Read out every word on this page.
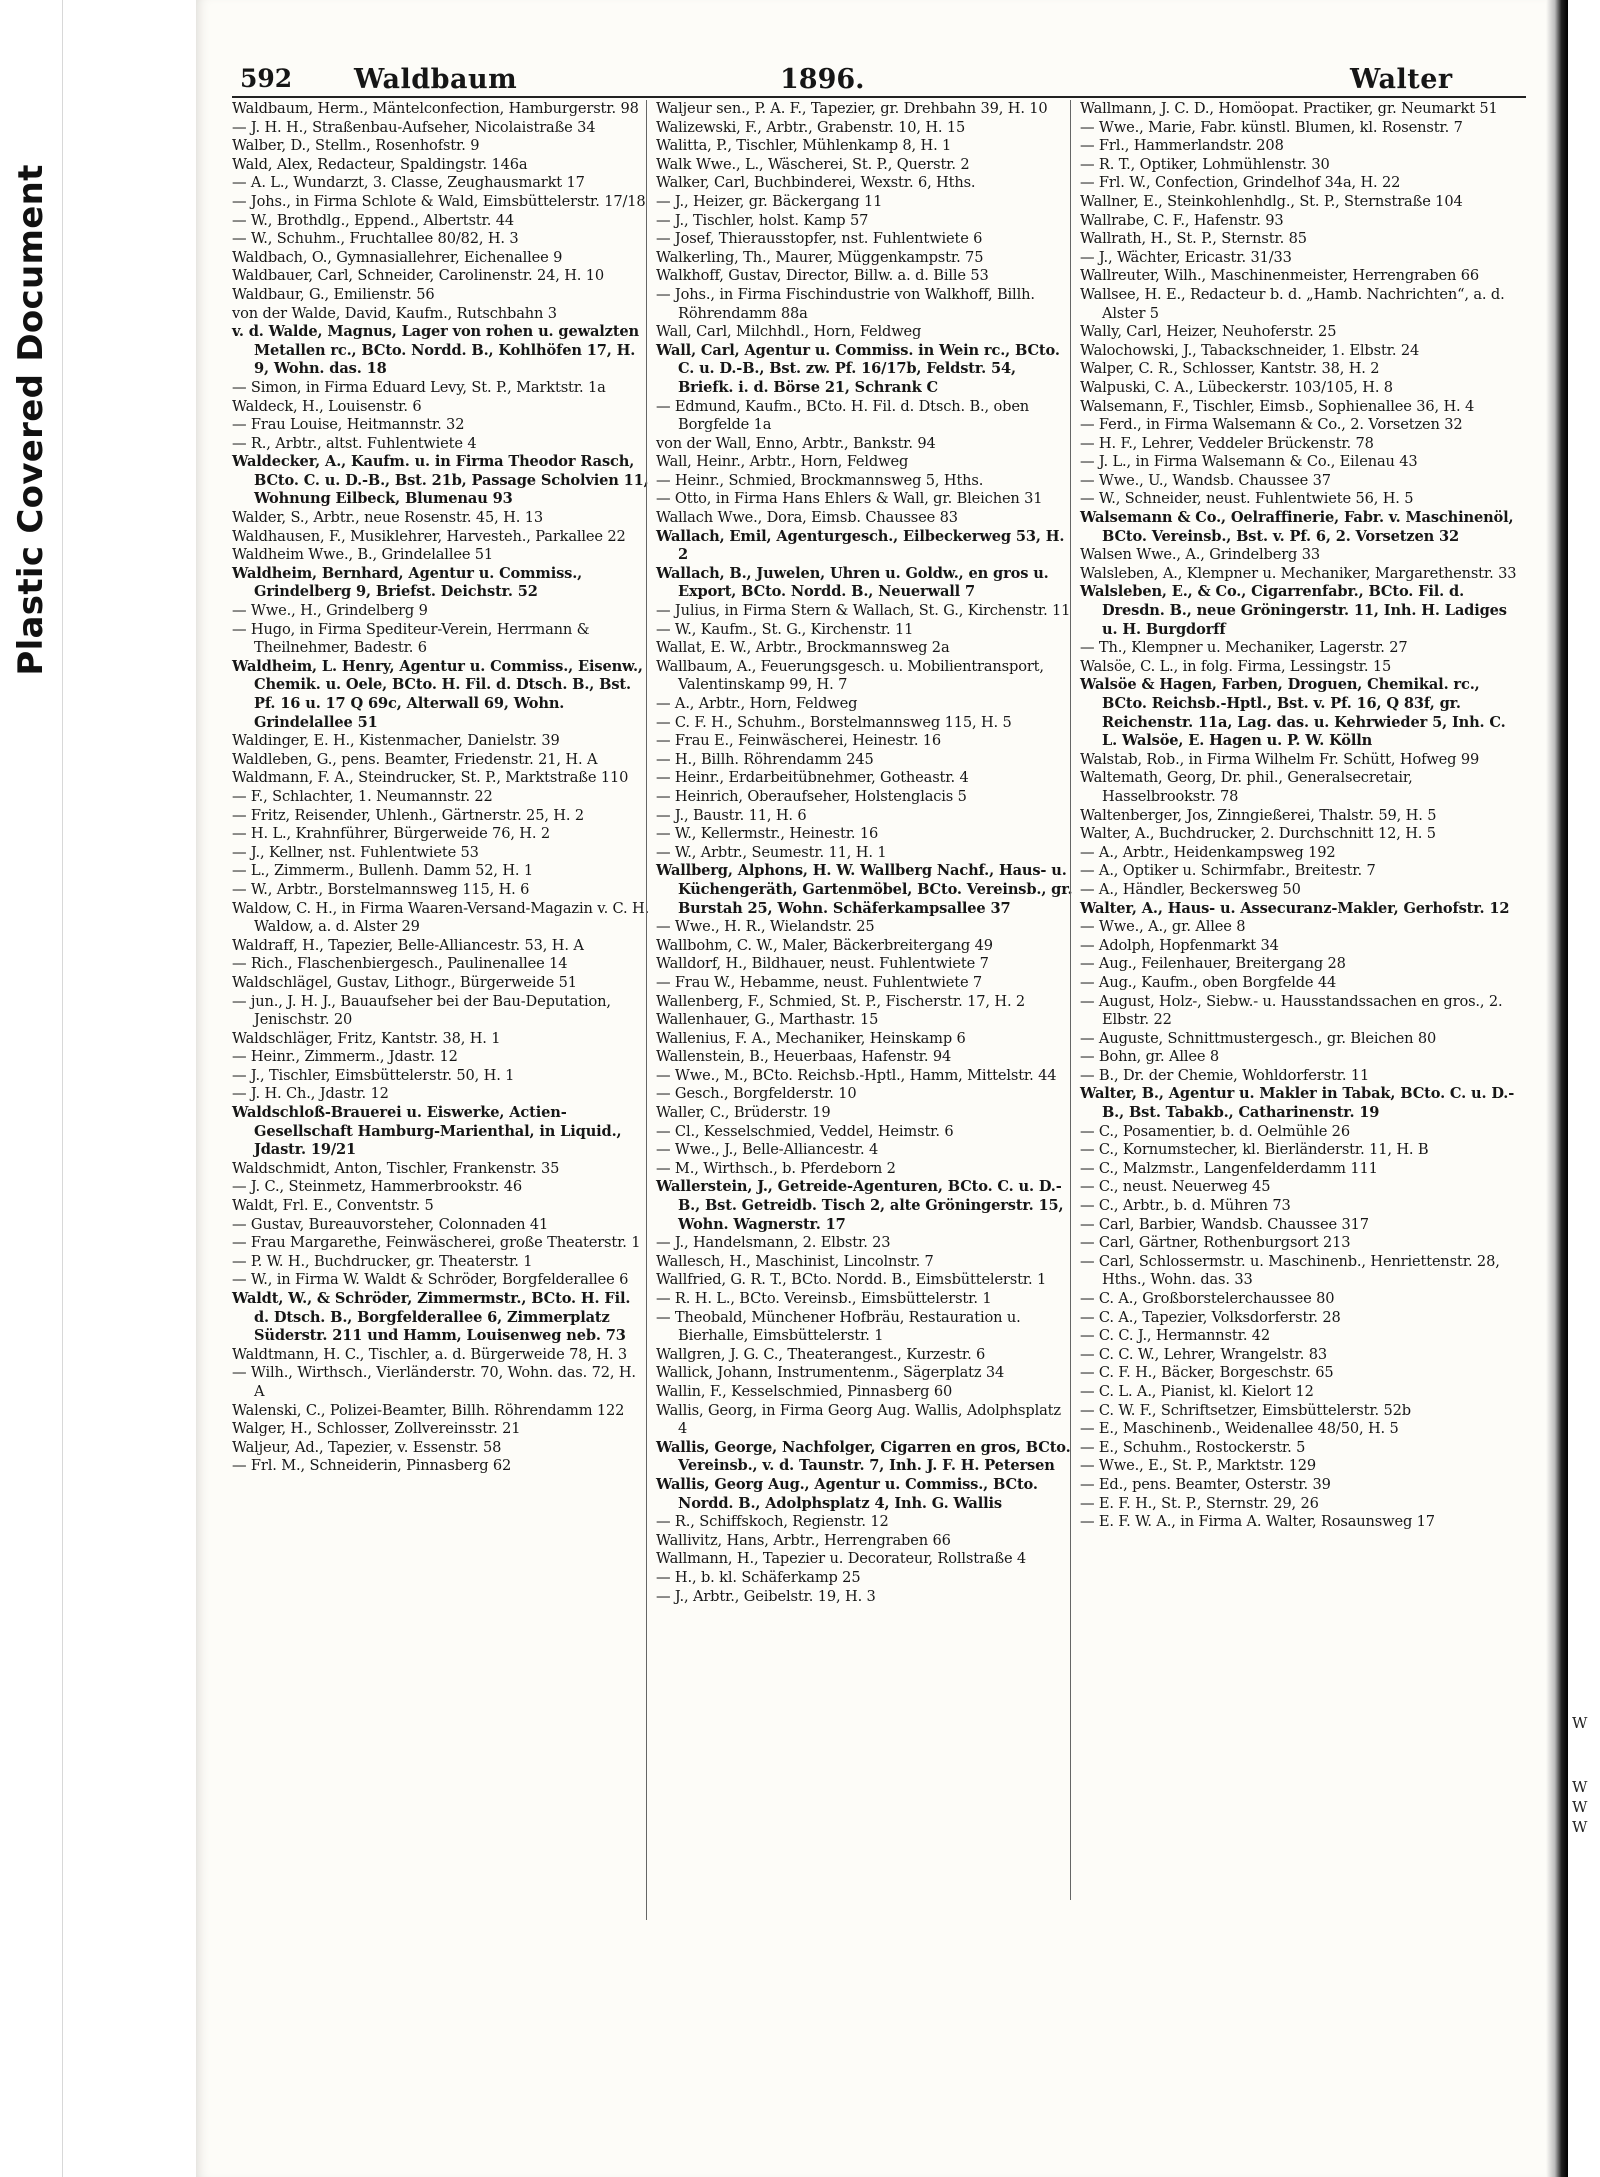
Plastic Covered Document
W
W
W
W
592 Waldbaum	1896.	Walter

Waldbaum, Herm., Mäntelconfection, Hamburgerstr. 98

— J. H. H., Straßenbau-Aufseher, Nicolaistraße 34

Walber, D., Stellm., Rosenhofstr. 9

Wald, Alex, Redacteur, Spaldingstr. 146a

— A. L., Wundarzt, 3. Classe, Zeughausmarkt 17

— Johs., in Firma Schlote & Wald, Eimsbüttelerstr. 17/18

— W., Brothdlg., Eppend., Albertstr. 44

— W., Schuhm., Fruchtallee 80/82, H. 3

Waldbach, O., Gymnasiallehrer, Eichenallee 9

Waldbauer, Carl, Schneider, Carolinenstr. 24, H. 10

Waldbaur, G., Emilienstr. 56

von der Walde, David, Kaufm., Rutschbahn 3

v. d. Walde, Magnus, Lager von rohen u. gewalzten Metallen rc., BCto. Nordd. B., Kohlhöfen 17, H. 9, Wohn. das. 18

— Simon, in Firma Eduard Levy, St. P., Marktstr. 1a

Waldeck, H., Louisenstr. 6

— Frau Louise, Heitmannstr. 32

— R., Arbtr., altst. Fuhlentwiete 4

Waldecker, A., Kaufm. u. in Firma Theodor Rasch, BCto. C. u. D.-B., Bst. 21b, Passage Scholvien 11, Wohnung Eilbeck, Blumenau 93

Walder, S., Arbtr., neue Rosenstr. 45, H. 13

Waldhausen, F., Musiklehrer, Harvesteh., Parkallee 22

Waldheim Wwe., B., Grindelallee 51

Waldheim, Bernhard, Agentur u. Commiss., Grindelberg 9, Briefst. Deichstr. 52

— Wwe., H., Grindelberg 9

— Hugo, in Firma Spediteur-Verein, Herrmann & Theilnehmer, Badestr. 6

Waldheim, L. Henry, Agentur u. Commiss., Eisenw., Chemik. u. Oele, BCto. H. Fil. d. Dtsch. B., Bst. Pf. 16 u. 17 Q 69c, Alterwall 69, Wohn. Grindelallee 51

Waldinger, E. H., Kistenmacher, Danielstr. 39

Waldleben, G., pens. Beamter, Friedenstr. 21, H. A

Waldmann, F. A., Steindrucker, St. P., Marktstraße 110

— F., Schlachter, 1. Neumannstr. 22

— Fritz, Reisender, Uhlenh., Gärtnerstr. 25, H. 2

— H. L., Krahnführer, Bürgerweide 76, H. 2

— J., Kellner, nst. Fuhlentwiete 53

— L., Zimmerm., Bullenh. Damm 52, H. 1

— W., Arbtr., Borstelmannsweg 115, H. 6

Waldow, C. H., in Firma Waaren-Versand-Magazin v. C. H. Waldow, a. d. Alster 29

Waldraff, H., Tapezier, Belle-Alliancestr. 53, H. A

— Rich., Flaschenbiergesch., Paulinenallee 14

Waldschlägel, Gustav, Lithogr., Bürgerweide 51

— jun., J. H. J., Bauaufseher bei der Bau-Deputation, Jenischstr. 20

Waldschläger, Fritz, Kantstr. 38, H. 1

— Heinr., Zimmerm., Jdastr. 12

— J., Tischler, Eimsbüttelerstr. 50, H. 1

— J. H. Ch., Jdastr. 12

Waldschloß-Brauerei u. Eiswerke, Actien-Gesellschaft Hamburg-Marienthal, in Liquid., Jdastr. 19/21

Waldschmidt, Anton, Tischler, Frankenstr. 35

— J. C., Steinmetz, Hammerbrookstr. 46

Waldt, Frl. E., Conventstr. 5

— Gustav, Bureauvorsteher, Colonnaden 41

— Frau Margarethe, Feinwäscherei, große Theaterstr. 1

— P. W. H., Buchdrucker, gr. Theaterstr. 1

— W., in Firma W. Waldt & Schröder, Borgfelderallee 6

Waldt, W., & Schröder, Zimmermstr., BCto. H. Fil. d. Dtsch. B., Borgfelderallee 6, Zimmerplatz Süderstr. 211 und Hamm, Louisenweg neb. 73

Waldtmann, H. C., Tischler, a. d. Bürgerweide 78, H. 3

— Wilh., Wirthsch., Vierländerstr. 70, Wohn. das. 72, H. A

Walenski, C., Polizei-Beamter, Billh. Röhrendamm 122

Walger, H., Schlosser, Zollvereinsstr. 21

Waljeur, Ad., Tapezier, v. Essenstr. 58

— Frl. M., Schneiderin, Pinnasberg 62

Waljeur sen., P. A. F., Tapezier, gr. Drehbahn 39, H. 10

Walizewski, F., Arbtr., Grabenstr. 10, H. 15

Walitta, P., Tischler, Mühlenkamp 8, H. 1

Walk Wwe., L., Wäscherei, St. P., Querstr. 2

Walker, Carl, Buchbinderei, Wexstr. 6, Hths.

— J., Heizer, gr. Bäckergang 11

— J., Tischler, holst. Kamp 57

— Josef, Thierausstopfer, nst. Fuhlentwiete 6

Walkerling, Th., Maurer, Müggenkampstr. 75

Walkhoff, Gustav, Director, Billw. a. d. Bille 53

— Johs., in Firma Fischindustrie von Walkhoff, Billh. Röhrendamm 88a

Wall, Carl, Milchhdl., Horn, Feldweg

Wall, Carl, Agentur u. Commiss. in Wein rc., BCto. C. u. D.-B., Bst. zw. Pf. 16/17b, Feldstr. 54, Briefk. i. d. Börse 21, Schrank C

— Edmund, Kaufm., BCto. H. Fil. d. Dtsch. B., oben Borgfelde 1a

von der Wall, Enno, Arbtr., Bankstr. 94

Wall, Heinr., Arbtr., Horn, Feldweg

— Heinr., Schmied, Brockmannsweg 5, Hths.

— Otto, in Firma Hans Ehlers & Wall, gr. Bleichen 31

Wallach Wwe., Dora, Eimsb. Chaussee 83

Wallach, Emil, Agenturgesch., Eilbeckerweg 53, H. 2

Wallach, B., Juwelen, Uhren u. Goldw., en gros u. Export, BCto. Nordd. B., Neuerwall 7

— Julius, in Firma Stern & Wallach, St. G., Kirchenstr. 11

— W., Kaufm., St. G., Kirchenstr. 11

Wallat, E. W., Arbtr., Brockmannsweg 2a

Wallbaum, A., Feuerungsgesch. u. Mobilientransport, Valentinskamp 99, H. 7

— A., Arbtr., Horn, Feldweg

— C. F. H., Schuhm., Borstelmannsweg 115, H. 5

— Frau E., Feinwäscherei, Heinestr. 16

— H., Billh. Röhrendamm 245

— Heinr., Erdarbeitübnehmer, Gotheastr. 4

— Heinrich, Oberaufseher, Holstenglacis 5

— J., Baustr. 11, H. 6

— W., Kellermstr., Heinestr. 16

— W., Arbtr., Seumestr. 11, H. 1

Wallberg, Alphons, H. W. Wallberg Nachf., Haus- u. Küchengeräth, Gartenmöbel, BCto. Vereinsb., gr. Burstah 25, Wohn. Schäferkampsallee 37

— Wwe., H. R., Wielandstr. 25

Wallbohm, C. W., Maler, Bäckerbreitergang 49

Walldorf, H., Bildhauer, neust. Fuhlentwiete 7

— Frau W., Hebamme, neust. Fuhlentwiete 7

Wallenberg, F., Schmied, St. P., Fischerstr. 17, H. 2

Wallenhauer, G., Marthastr. 15

Wallenius, F. A., Mechaniker, Heinskamp 6

Wallenstein, B., Heuerbaas, Hafenstr. 94

— Wwe., M., BCto. Reichsb.-Hptl., Hamm, Mittelstr. 44

— Gesch., Borgfelderstr. 10

Waller, C., Brüderstr. 19

— Cl., Kesselschmied, Veddel, Heimstr. 6

— Wwe., J., Belle-Alliancestr. 4

— M., Wirthsch., b. Pferdeborn 2

Wallerstein, J., Getreide-Agenturen, BCto. C. u. D.-B., Bst. Getreidb. Tisch 2, alte Gröningerstr. 15, Wohn. Wagnerstr. 17

— J., Handelsmann, 2. Elbstr. 23

Wallesch, H., Maschinist, Lincolnstr. 7

Wallfried, G. R. T., BCto. Nordd. B., Eimsbüttelerstr. 1

— R. H. L., BCto. Vereinsb., Eimsbüttelerstr. 1

— Theobald, Münchener Hofbräu, Restauration u. Bierhalle, Eimsbüttelerstr. 1

Wallgren, J. G. C., Theaterangest., Kurzestr. 6

Wallick, Johann, Instrumentenm., Sägerplatz 34

Wallin, F., Kesselschmied, Pinnasberg 60

Wallis, Georg, in Firma Georg Aug. Wallis, Adolphsplatz 4

Wallis, George, Nachfolger, Cigarren en gros, BCto. Vereinsb., v. d. Taunstr. 7, Inh. J. F. H. Petersen

Wallis, Georg Aug., Agentur u. Commiss., BCto. Nordd. B., Adolphsplatz 4, Inh. G. Wallis

— R., Schiffskoch, Regienstr. 12

Wallivitz, Hans, Arbtr., Herrengraben 66

Wallmann, H., Tapezier u. Decorateur, Rollstraße 4

— H., b. kl. Schäferkamp 25

— J., Arbtr., Geibelstr. 19, H. 3

Wallmann, J. C. D., Homöopat. Practiker, gr. Neumarkt 51

— Wwe., Marie, Fabr. künstl. Blumen, kl. Rosenstr. 7

— Frl., Hammerlandstr. 208

— R. T., Optiker, Lohmühlenstr. 30

— Frl. W., Confection, Grindelhof 34a, H. 22

Wallner, E., Steinkohlenhdlg., St. P., Sternstraße 104

Wallrabe, C. F., Hafenstr. 93

Wallrath, H., St. P., Sternstr. 85

— J., Wächter, Ericastr. 31/33

Wallreuter, Wilh., Maschinenmeister, Herrengraben 66

Wallsee, H. E., Redacteur b. d. „Hamb. Nachrichten“, a. d. Alster 5

Wally, Carl, Heizer, Neuhoferstr. 25

Walochowski, J., Tabackschneider, 1. Elbstr. 24

Walper, C. R., Schlosser, Kantstr. 38, H. 2

Walpuski, C. A., Lübeckerstr. 103/105, H. 8

Walsemann, F., Tischler, Eimsb., Sophienallee 36, H. 4

— Ferd., in Firma Walsemann & Co., 2. Vorsetzen 32

— H. F., Lehrer, Veddeler Brückenstr. 78

— J. L., in Firma Walsemann & Co., Eilenau 43

— Wwe., U., Wandsb. Chaussee 37

— W., Schneider, neust. Fuhlentwiete 56, H. 5

Walsemann & Co., Oelraffinerie, Fabr. v. Maschinenöl, BCto. Vereinsb., Bst. v. Pf. 6, 2. Vorsetzen 32

Walsen Wwe., A., Grindelberg 33

Walsleben, A., Klempner u. Mechaniker, Margarethenstr. 33

Walsleben, E., & Co., Cigarrenfabr., BCto. Fil. d. Dresdn. B., neue Gröningerstr. 11, Inh. H. Ladiges u. H. Burgdorff

— Th., Klempner u. Mechaniker, Lagerstr. 27

Walsöe, C. L., in folg. Firma, Lessingstr. 15

Walsöe & Hagen, Farben, Droguen, Chemikal. rc., BCto. Reichsb.-Hptl., Bst. v. Pf. 16, Q 83f, gr. Reichenstr. 11a, Lag. das. u. Kehrwieder 5, Inh. C. L. Walsöe, E. Hagen u. P. W. Kölln

Walstab, Rob., in Firma Wilhelm Fr. Schütt, Hofweg 99

Waltemath, Georg, Dr. phil., Generalsecretair, Hasselbrookstr. 78

Waltenberger, Jos, Zinngießerei, Thalstr. 59, H. 5

Walter, A., Buchdrucker, 2. Durchschnitt 12, H. 5

— A., Arbtr., Heidenkampsweg 192

— A., Optiker u. Schirmfabr., Breitestr. 7

— A., Händler, Beckersweg 50

Walter, A., Haus- u. Assecuranz-Makler, Gerhofstr. 12

— Wwe., A., gr. Allee 8

— Adolph, Hopfenmarkt 34

— Aug., Feilenhauer, Breitergang 28

— Aug., Kaufm., oben Borgfelde 44

— August, Holz-, Siebw.- u. Hausstandssachen en gros., 2. Elbstr. 22

— Auguste, Schnittmustergesch., gr. Bleichen 80

— Bohn, gr. Allee 8

— B., Dr. der Chemie, Wohldorferstr. 11

Walter, B., Agentur u. Makler in Tabak, BCto. C. u. D.-B., Bst. Tabakb., Catharinenstr. 19

— C., Posamentier, b. d. Oelmühle 26

— C., Kornumstecher, kl. Bierländerstr. 11, H. B

— C., Malzmstr., Langenfelderdamm 111

— C., neust. Neuerweg 45

— C., Arbtr., b. d. Mühren 73

— Carl, Barbier, Wandsb. Chaussee 317

— Carl, Gärtner, Rothenburgsort 213

— Carl, Schlossermstr. u. Maschinenb., Henriettenstr. 28, Hths., Wohn. das. 33

— C. A., Großborstelerchaussee 80

— C. A., Tapezier, Volksdorferstr. 28

— C. C. J., Hermannstr. 42

— C. C. W., Lehrer, Wrangelstr. 83

— C. F. H., Bäcker, Borgeschstr. 65

— C. L. A., Pianist, kl. Kielort 12

— C. W. F., Schriftsetzer, Eimsbüttelerstr. 52b

— E., Maschinenb., Weidenallee 48/50, H. 5

— E., Schuhm., Rostockerstr. 5

— Wwe., E., St. P., Marktstr. 129

— Ed., pens. Beamter, Osterstr. 39

— E. F. H., St. P., Sternstr. 29, 26

— E. F. W. A., in Firma A. Walter, Rosaunsweg 17
